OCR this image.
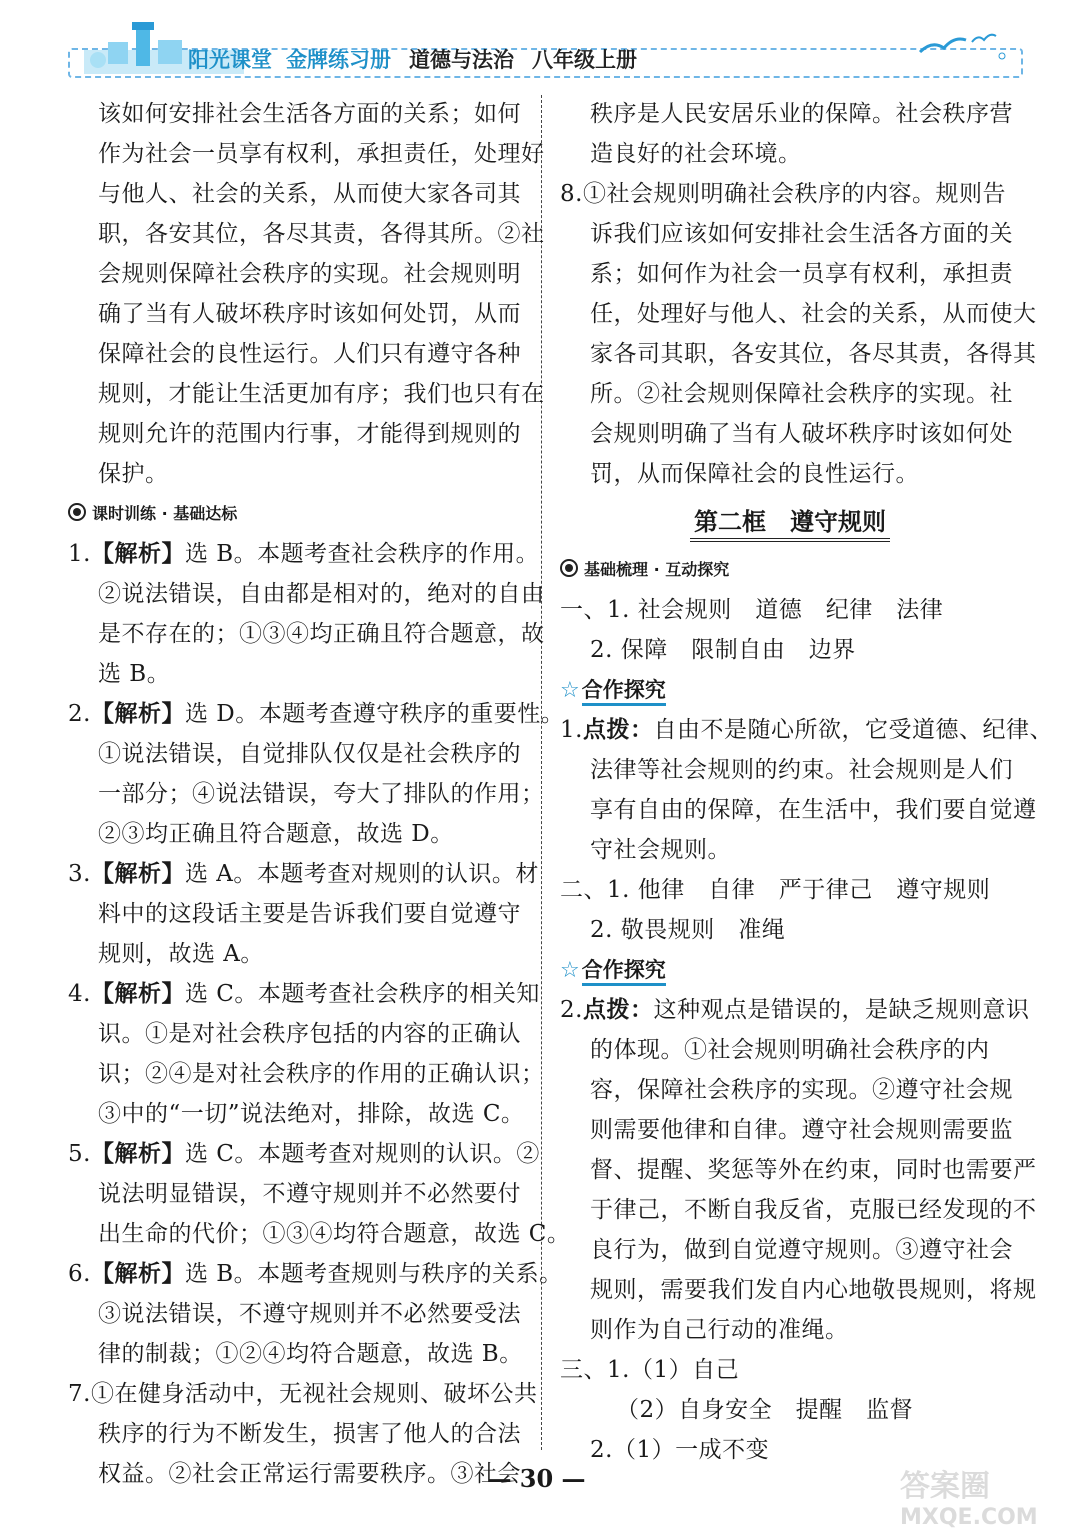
阳光课堂 金牌练习册 道德与法治 八年级上册
该如何安排社会生活各方面的关系；如何
作为社会一员享有权利，承担责任，处理好
与他人、社会的关系，从而使大家各司其
职，各安其位，各尽其责，各得其所。②社
会规则保障社会秩序的实现。社会规则明
确了当有人破坏秩序时该如何处罚，从而
保障社会的良性运行。人们只有遵守各种
规则，才能让生活更加有序；我们也只有在
规则允许的范围内行事，才能得到规则的
保护。
课时训练 · 基础达标
1.【解析】选 B。本题考查社会秩序的作用。
②说法错误，自由都是相对的，绝对的自由
是不存在的；①③④均正确且符合题意，故
选 B。
2.【解析】选 D。本题考查遵守秩序的重要性。
①说法错误，自觉排队仅仅是社会秩序的
一部分；④说法错误，夸大了排队的作用；
②③均正确且符合题意，故选 D。
3.【解析】选 A。本题考查对规则的认识。材
料中的这段话主要是告诉我们要自觉遵守
规则，故选 A。
4.【解析】选 C。本题考查社会秩序的相关知
识。①是对社会秩序包括的内容的正确认
识；②④是对社会秩序的作用的正确认识；
③中的“一切”说法绝对，排除，故选 C。
5.【解析】选 C。本题考查对规则的认识。②
说法明显错误，不遵守规则并不必然要付
出生命的代价；①③④均符合题意，故选 C。
6.【解析】选 B。本题考查规则与秩序的关系。
③说法错误，不遵守规则并不必然要受法
律的制裁；①②④均符合题意，故选 B。
7.①在健身活动中，无视社会规则、破坏公共
秩序的行为不断发生，损害了他人的合法
权益。②社会正常运行需要秩序。③社会
秩序是人民安居乐业的保障。社会秩序营
造良好的社会环境。
8.①社会规则明确社会秩序的内容。规则告
诉我们应该如何安排社会生活各方面的关
系；如何作为社会一员享有权利，承担责
任，处理好与他人、社会的关系，从而使大
家各司其职，各安其位，各尽其责，各得其
所。②社会规则保障社会秩序的实现。社
会规则明确了当有人破坏秩序时该如何处
罚，从而保障社会的良性运行。
第二框　遵守规则
基础梳理 · 互动探究
一、1. 社会规则　道德　纪律　法律
2. 保障　限制自由　边界
☆合作探究
1.点拨：自由不是随心所欲，它受道德、纪律、
法律等社会规则的约束。社会规则是人们
享有自由的保障，在生活中，我们要自觉遵
守社会规则。
二、1. 他律　自律　严于律己　遵守规则
2. 敬畏规则　准绳
☆合作探究
2.点拨：这种观点是错误的，是缺乏规则意识
的体现。①社会规则明确社会秩序的内
容，保障社会秩序的实现。②遵守社会规
则需要他律和自律。遵守社会规则需要监
督、提醒、奖惩等外在约束，同时也需要严
于律己，不断自我反省，克服已经发现的不
良行为，做到自觉遵守规则。③遵守社会
规则，需要我们发自内心地敬畏规则，将规
则作为自己行动的准绳。
三、1.（1）自己
（2）自身安全　提醒　监督
2.（1）一成不变
— 30 —	答案圈
MXQE.COM
